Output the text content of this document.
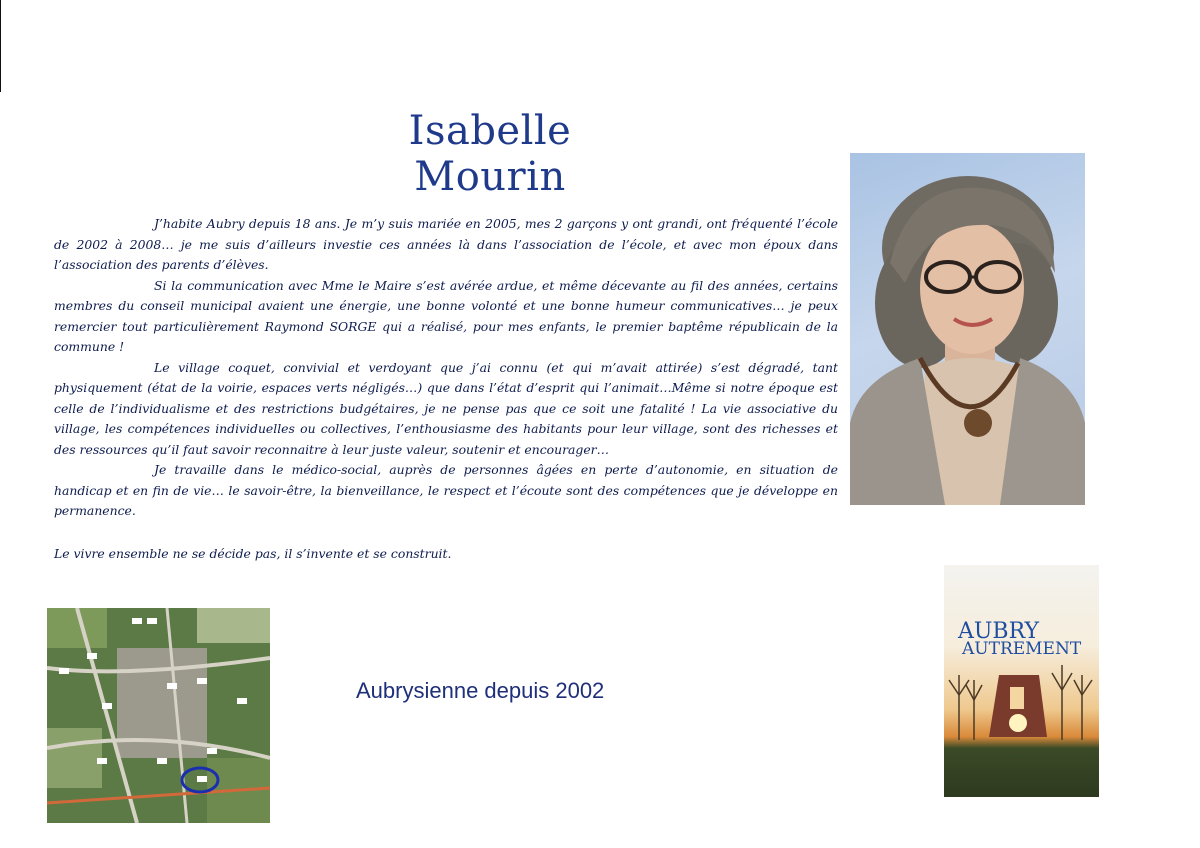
Isabelle Mourin

J’habite Aubry depuis 18 ans. Je m’y suis mariée en 2005, mes 2 garçons y ont grandi, ont fréquenté l’école de 2002 à 2008… je me suis d’ailleurs investie ces années là dans l’association de l’école, et avec mon époux dans l’association des parents d’élèves.

Si la communication avec Mme le Maire s’est avérée ardue, et même décevante au fil des années, certains membres du conseil municipal avaient une énergie, une bonne volonté et une bonne humeur communicatives… je peux remercier tout particulièrement Raymond SORGE qui a réalisé, pour mes enfants, le premier baptême républicain de la commune !

Le village coquet, convivial et verdoyant que j’ai connu (et qui m’avait attirée) s’est dégradé, tant physiquement (état de la voirie, espaces verts négligés…) que dans l’état d’esprit qui l’animait…Même si notre époque est celle de l’individualisme et des restrictions budgétaires, je ne pense pas que ce soit une fatalité ! La vie associative du village, les compétences individuelles ou collectives, l’enthousiasme des habitants pour leur village, sont des richesses et des ressources qu’il faut savoir reconnaitre à leur juste valeur, soutenir et encourager…

Je travaille dans le médico-social, auprès de personnes âgées en perte d’autonomie, en situation de handicap et en fin de vie… le savoir-être, la bienveillance, le respect et l’écoute sont des compétences que je développe en permanence.

Le vivre ensemble ne se décide pas, il s’invente et se construit.

Aubrysienne depuis 2002
AUBRY
AUTREMENT
